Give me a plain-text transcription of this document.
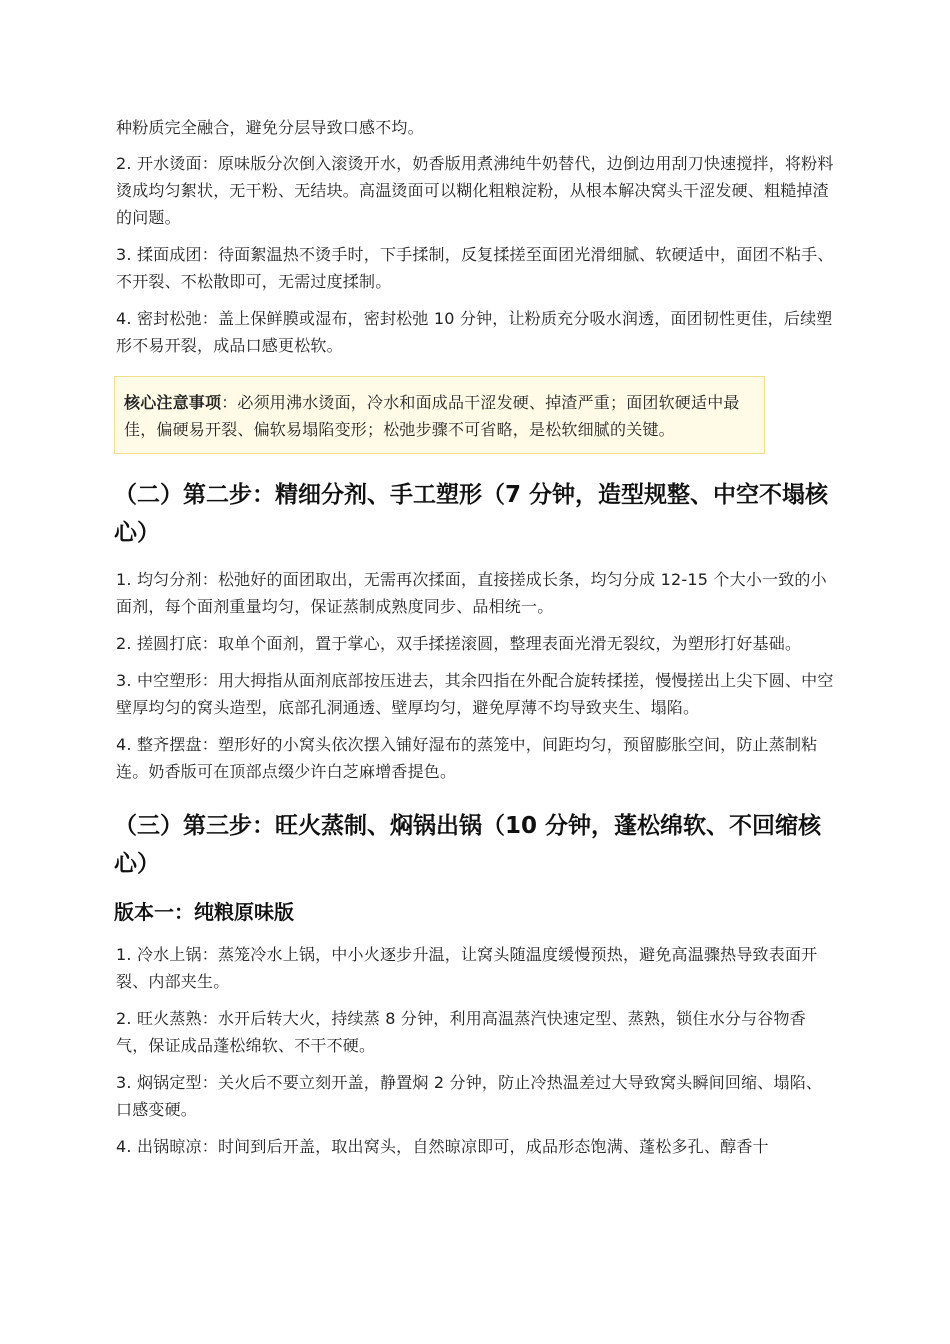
种粉质完全融合，避免分层导致口感不均。

2. 开水烫面：原味版分次倒入滚烫开水，奶香版用煮沸纯牛奶替代，边倒边用刮刀快速搅拌，将粉料烫成均匀絮状，无干粉、无结块。高温烫面可以糊化粗粮淀粉，从根本解决窝头干涩发硬、粗糙掉渣的问题。

3. 揉面成团：待面絮温热不烫手时，下手揉制，反复揉搓至面团光滑细腻、软硬适中，面团不粘手、不开裂、不松散即可，无需过度揉制。

4. 密封松弛：盖上保鲜膜或湿布，密封松弛 10 分钟，让粉质充分吸水润透，面团韧性更佳，后续塑形不易开裂，成品口感更松软。

核心注意事项：必须用沸水烫面，冷水和面成品干涩发硬、掉渣严重；面团软硬适中最佳，偏硬易开裂、偏软易塌陷变形；松弛步骤不可省略，是松软细腻的关键。
（二）第二步：精细分剂、手工塑形（7 分钟，造型规整、中空不塌核心）

1. 均匀分剂：松弛好的面团取出，无需再次揉面，直接搓成长条，均匀分成 12-15 个大小一致的小面剂，每个面剂重量均匀，保证蒸制成熟度同步、品相统一。

2. 搓圆打底：取单个面剂，置于掌心，双手揉搓滚圆，整理表面光滑无裂纹，为塑形打好基础。

3. 中空塑形：用大拇指从面剂底部按压进去，其余四指在外配合旋转揉搓，慢慢搓出上尖下圆、中空壁厚均匀的窝头造型，底部孔洞通透、壁厚均匀，避免厚薄不均导致夹生、塌陷。

4. 整齐摆盘：塑形好的小窝头依次摆入铺好湿布的蒸笼中，间距均匀，预留膨胀空间，防止蒸制粘连。奶香版可在顶部点缀少许白芝麻增香提色。

（三）第三步：旺火蒸制、焖锅出锅（10 分钟，蓬松绵软、不回缩核心）
版本一：纯粮原味版

1. 冷水上锅：蒸笼冷水上锅，中小火逐步升温，让窝头随温度缓慢预热，避免高温骤热导致表面开裂、内部夹生。

2. 旺火蒸熟：水开后转大火，持续蒸 8 分钟，利用高温蒸汽快速定型、蒸熟，锁住水分与谷物香气，保证成品蓬松绵软、不干不硬。

3. 焖锅定型：关火后不要立刻开盖，静置焖 2 分钟，防止冷热温差过大导致窝头瞬间回缩、塌陷、口感变硬。

4. 出锅晾凉：时间到后开盖，取出窝头，自然晾凉即可，成品形态饱满、蓬松多孔、醇香十
